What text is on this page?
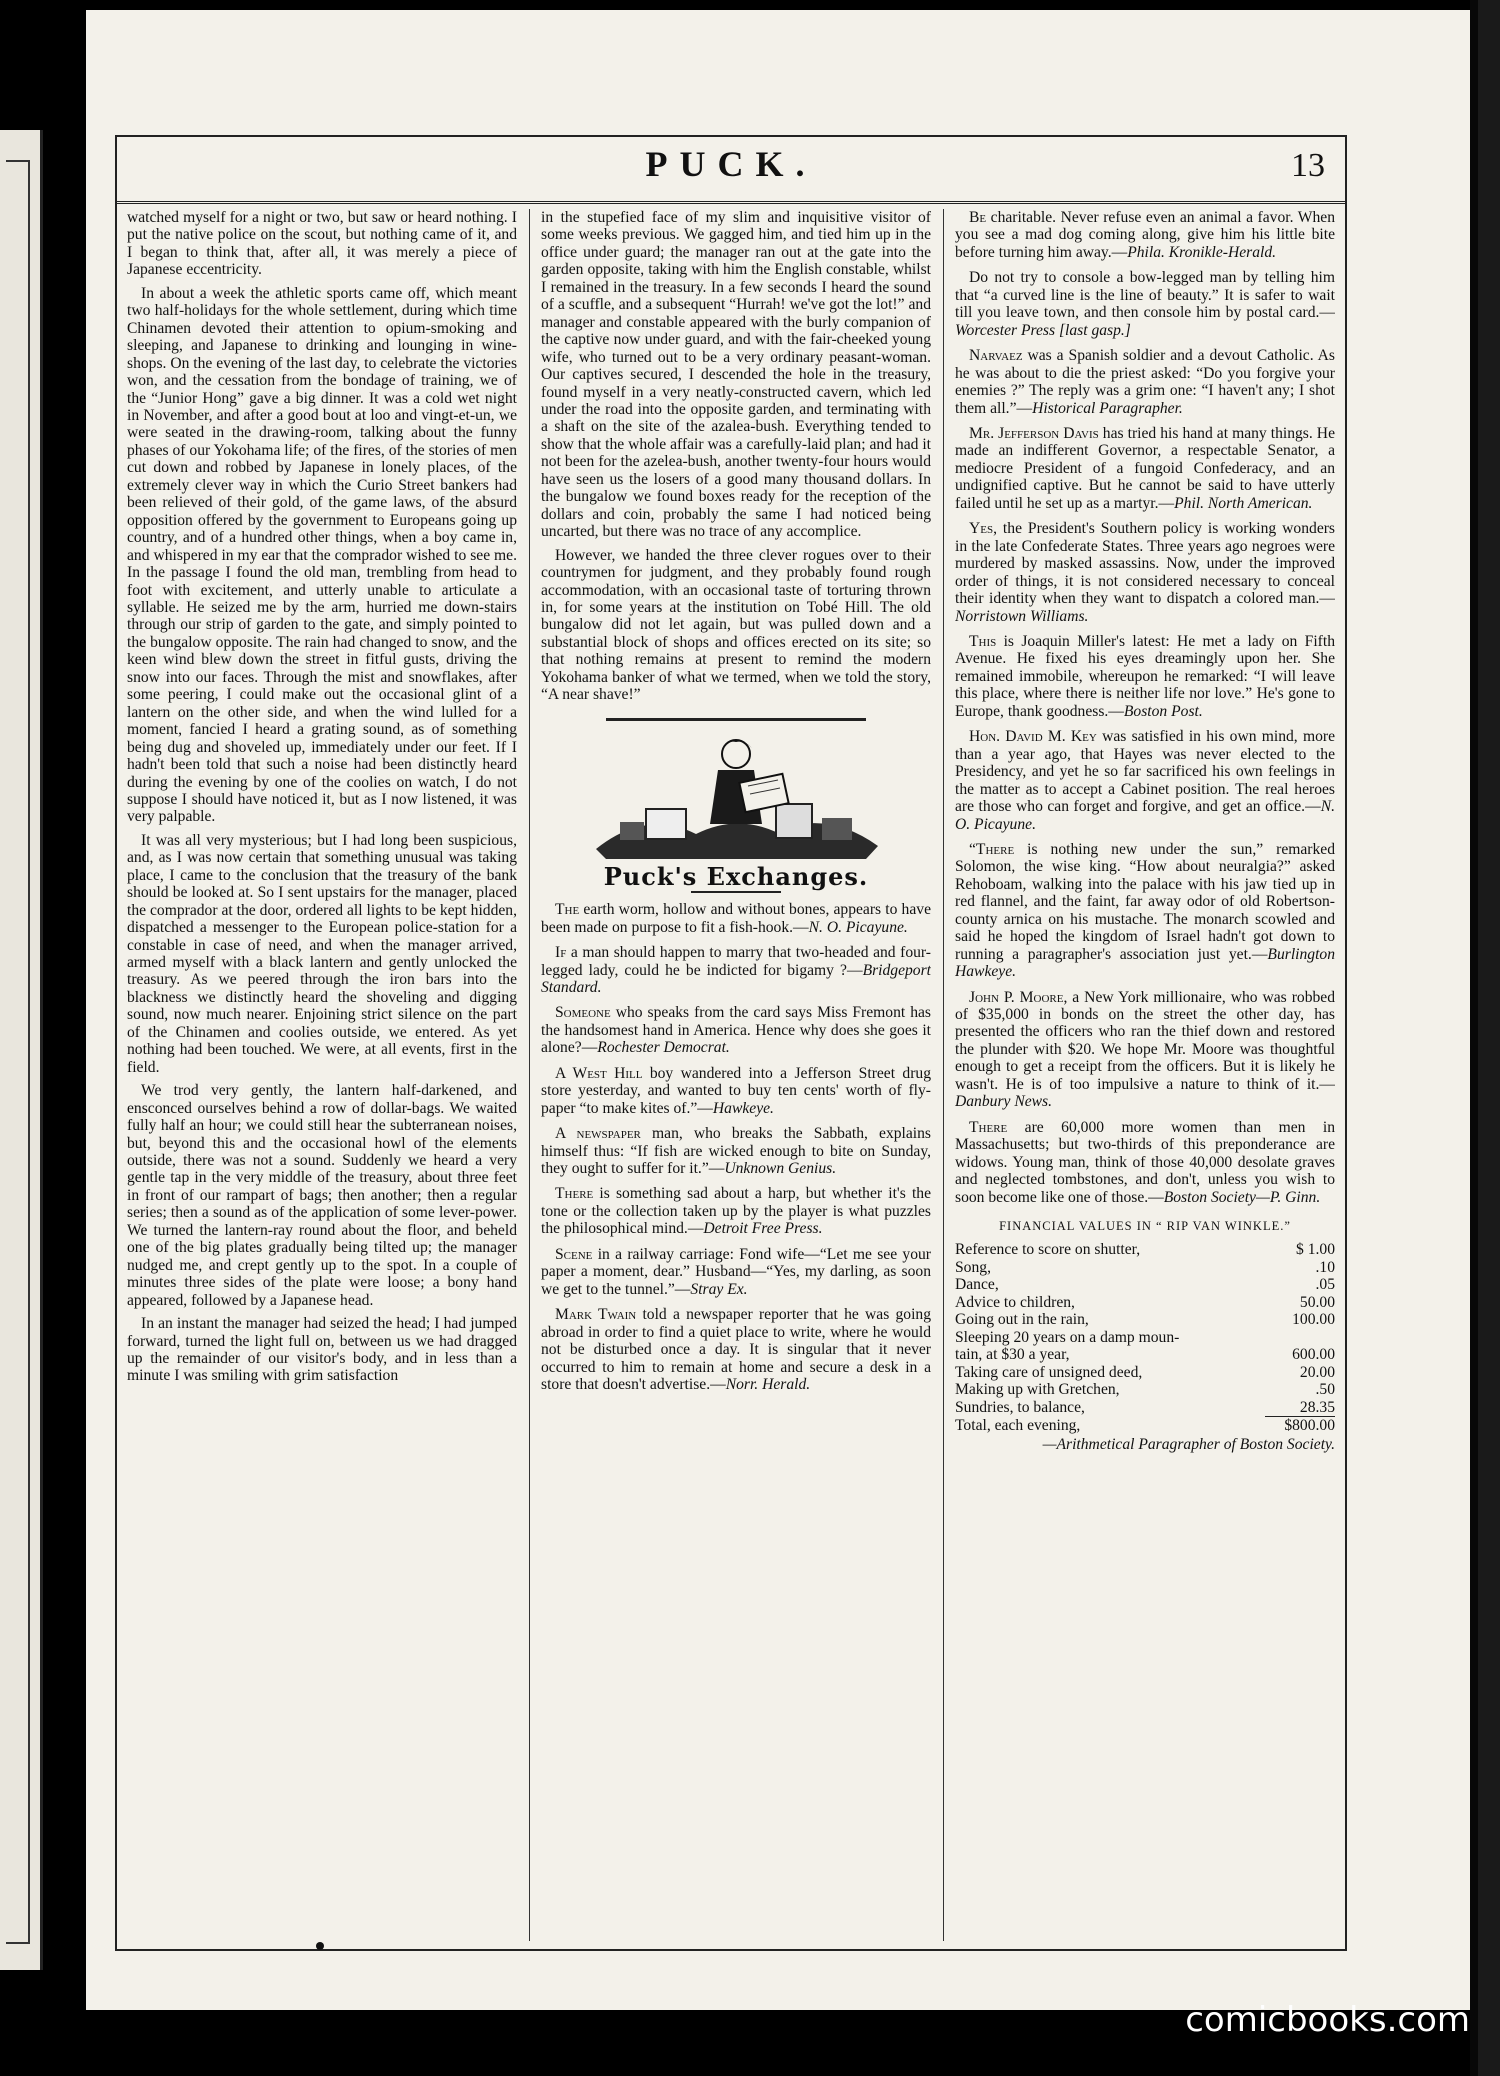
PUCK.	13

watched myself for a night or two, but saw or heard nothing. I put the native police on the scout, but nothing came of it, and I began to think that, after all, it was merely a piece of Japanese eccentricity.

In about a week the athletic sports came off, which meant two half-holidays for the whole settlement, during which time Chinamen devoted their attention to opium-smoking and sleeping, and Japanese to drinking and lounging in wine-shops. On the evening of the last day, to celebrate the victories won, and the cessation from the bondage of training, we of the “Junior Hong” gave a big dinner. It was a cold wet night in November, and after a good bout at loo and vingt-et-un, we were seated in the drawing-room, talking about the funny phases of our Yokohama life; of the fires, of the stories of men cut down and robbed by Japanese in lonely places, of the extremely clever way in which the Curio Street bankers had been relieved of their gold, of the game laws, of the absurd opposition offered by the government to Europeans going up country, and of a hundred other things, when a boy came in, and whispered in my ear that the comprador wished to see me. In the passage I found the old man, trembling from head to foot with excitement, and utterly unable to articulate a syllable. He seized me by the arm, hurried me down-stairs through our strip of garden to the gate, and simply pointed to the bungalow opposite. The rain had changed to snow, and the keen wind blew down the street in fitful gusts, driving the snow into our faces. Through the mist and snowflakes, after some peering, I could make out the occasional glint of a lantern on the other side, and when the wind lulled for a moment, fancied I heard a grating sound, as of something being dug and shoveled up, immediately under our feet. If I hadn't been told that such a noise had been distinctly heard during the evening by one of the coolies on watch, I do not suppose I should have noticed it, but as I now listened, it was very palpable.

It was all very mysterious; but I had long been suspicious, and, as I was now certain that something unusual was taking place, I came to the conclusion that the treasury of the bank should be looked at. So I sent upstairs for the manager, placed the comprador at the door, ordered all lights to be kept hidden, dispatched a messenger to the European police-station for a constable in case of need, and when the manager arrived, armed myself with a black lantern and gently unlocked the treasury. As we peered through the iron bars into the blackness we distinctly heard the shoveling and digging sound, now much nearer. Enjoining strict silence on the part of the Chinamen and coolies outside, we entered. As yet nothing had been touched. We were, at all events, first in the field.

We trod very gently, the lantern half-darkened, and ensconced ourselves behind a row of dollar-bags. We waited fully half an hour; we could still hear the subterranean noises, but, beyond this and the occasional howl of the elements outside, there was not a sound. Suddenly we heard a very gentle tap in the very middle of the treasury, about three feet in front of our rampart of bags; then another; then a regular series; then a sound as of the application of some lever-power. We turned the lantern-ray round about the floor, and beheld one of the big plates gradually being tilted up; the manager nudged me, and crept gently up to the spot. In a couple of minutes three sides of the plate were loose; a bony hand appeared, followed by a Japanese head.

In an instant the manager had seized the head; I had jumped forward, turned the light full on, between us we had dragged up the remainder of our visitor's body, and in less than a minute I was smiling with grim satisfaction

in the stupefied face of my slim and inquisitive visitor of some weeks previous. We gagged him, and tied him up in the office under guard; the manager ran out at the gate into the garden opposite, taking with him the English constable, whilst I remained in the treasury. In a few seconds I heard the sound of a scuffle, and a subsequent “Hurrah! we've got the lot!” and manager and constable appeared with the burly companion of the captive now under guard, and with the fair-cheeked young wife, who turned out to be a very ordinary peasant-woman. Our captives secured, I descended the hole in the treasury, found myself in a very neatly-constructed cavern, which led under the road into the opposite garden, and terminating with a shaft on the site of the azalea-bush. Everything tended to show that the whole affair was a carefully-laid plan; and had it not been for the azelea-bush, another twenty-four hours would have seen us the losers of a good many thousand dollars. In the bungalow we found boxes ready for the reception of the dollars and coin, probably the same I had noticed being uncarted, but there was no trace of any accomplice.

However, we handed the three clever rogues over to their countrymen for judgment, and they probably found rough accommodation, with an occasional taste of torturing thrown in, for some years at the institution on Tobé Hill. The old bungalow did not let again, but was pulled down and a substantial block of shops and offices erected on its site; so that nothing remains at present to remind the modern Yokohama banker of what we termed, when we told the story, “A near shave!”

Puck's Exchanges.

The earth worm, hollow and without bones, appears to have been made on purpose to fit a fish-hook.—N. O. Picayune.

If a man should happen to marry that two-headed and four-legged lady, could he be indicted for bigamy ?—Bridgeport Standard.

Someone who speaks from the card says Miss Fremont has the handsomest hand in America. Hence why does she goes it alone?—Rochester Democrat.

A West Hill boy wandered into a Jefferson Street drug store yesterday, and wanted to buy ten cents' worth of fly-paper “to make kites of.”—Hawkeye.

A newspaper man, who breaks the Sabbath, explains himself thus: “If fish are wicked enough to bite on Sunday, they ought to suffer for it.”—Unknown Genius.

There is something sad about a harp, but whether it's the tone or the collection taken up by the player is what puzzles the philosophical mind.—Detroit Free Press.

Scene in a railway carriage: Fond wife—“Let me see your paper a moment, dear.” Husband—“Yes, my darling, as soon we get to the tunnel.”—Stray Ex.

Mark Twain told a newspaper reporter that he was going abroad in order to find a quiet place to write, where he would not be disturbed once a day. It is singular that it never occurred to him to remain at home and secure a desk in a store that doesn't advertise.—Norr. Herald.

Be charitable. Never refuse even an animal a favor. When you see a mad dog coming along, give him his little bite before turning him away.—Phila. Kronikle-Herald.

Do not try to console a bow-legged man by telling him that “a curved line is the line of beauty.” It is safer to wait till you leave town, and then console him by postal card.—Worcester Press [last gasp.]

Narvaez was a Spanish soldier and a devout Catholic. As he was about to die the priest asked: “Do you forgive your enemies ?” The reply was a grim one: “I haven't any; I shot them all.”—Historical Paragrapher.

Mr. Jefferson Davis has tried his hand at many things. He made an indifferent Governor, a respectable Senator, a mediocre President of a fungoid Confederacy, and an undignified captive. But he cannot be said to have utterly failed until he set up as a martyr.—Phil. North American.

Yes, the President's Southern policy is working wonders in the late Confederate States. Three years ago negroes were murdered by masked assassins. Now, under the improved order of things, it is not considered necessary to conceal their identity when they want to dispatch a colored man.—Norristown Williams.

This is Joaquin Miller's latest: He met a lady on Fifth Avenue. He fixed his eyes dreamingly upon her. She remained immobile, whereupon he remarked: “I will leave this place, where there is neither life nor love.” He's gone to Europe, thank goodness.—Boston Post.

Hon. David M. Key was satisfied in his own mind, more than a year ago, that Hayes was never elected to the Presidency, and yet he so far sacrificed his own feelings in the matter as to accept a Cabinet position. The real heroes are those who can forget and forgive, and get an office.—N. O. Picayune.

“There is nothing new under the sun,” remarked Solomon, the wise king. “How about neuralgia?” asked Rehoboam, walking into the palace with his jaw tied up in red flannel, and the faint, far away odor of old Robertson-county arnica on his mustache. The monarch scowled and said he hoped the kingdom of Israel hadn't got down to running a paragrapher's association just yet.—Burlington Hawkeye.

John P. Moore, a New York millionaire, who was robbed of $35,000 in bonds on the street the other day, has presented the officers who ran the thief down and restored the plunder with $20. We hope Mr. Moore was thoughtful enough to get a receipt from the officers. But it is likely he wasn't. He is of too impulsive a nature to think of it.—Danbury News.

There are 60,000 more women than men in Massachusetts; but two-thirds of this preponderance are widows. Young man, think of those 40,000 desolate graves and neglected tombstones, and don't, unless you wish to soon become like one of those.—Boston Society—P. Ginn.

FINANCIAL VALUES IN “ RIP VAN WINKLE.”
Reference to score on shutter,	$ 1.00
Song,	.10
Dance,	.05
Advice to children,	50.00
Going out in the rain,	100.00
Sleeping 20 years on a damp moun-	
tain, at $30 a year,	600.00
Taking care of unsigned deed,	20.00
Making up with Gretchen,	.50
Sundries, to balance,	28.35
Total, each evening,	$800.00
—Arithmetical Paragrapher of Boston Society.
comicbooks.com
